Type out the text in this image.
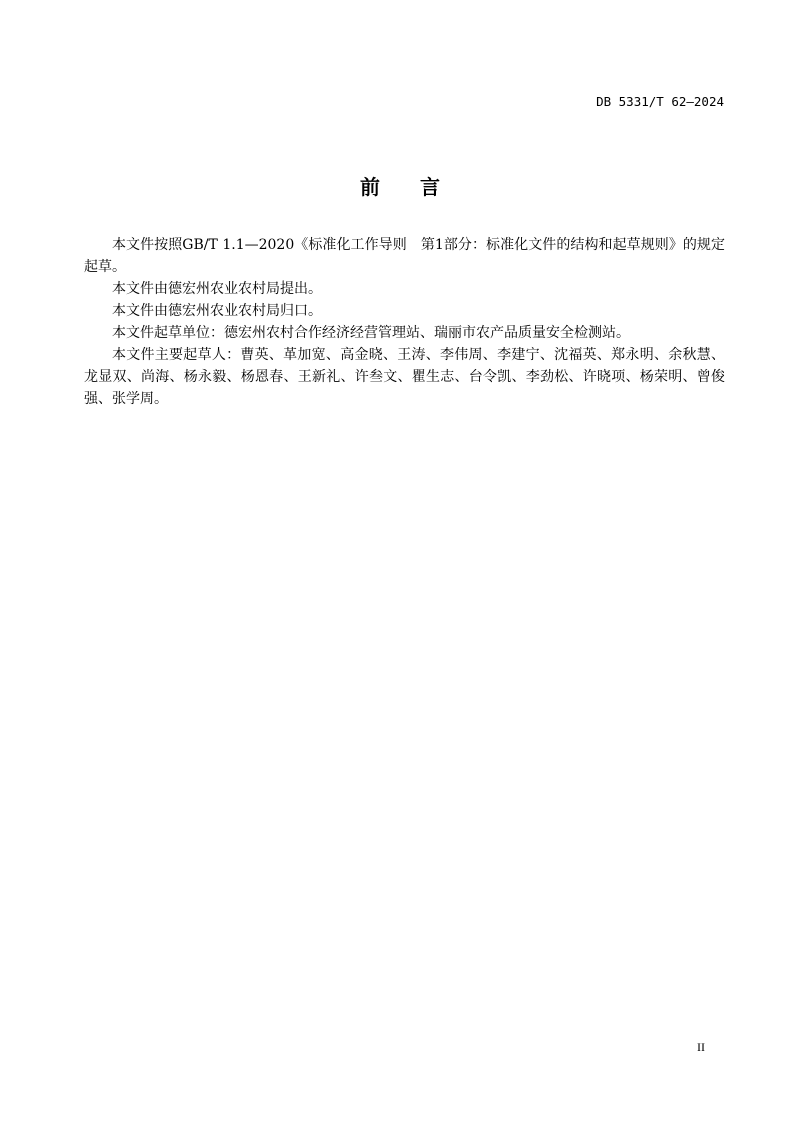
DB 5331/T 62—2024
前言

本文件按照GB/T 1.1—2020《标准化工作导则　第1部分：标准化文件的结构和起草规则》的规定起草。

本文件由德宏州农业农村局提出。

本文件由德宏州农业农村局归口。

本文件起草单位：德宏州农村合作经济经营管理站、瑞丽市农产品质量安全检测站。

本文件主要起草人：曹英、革加宽、高金晓、王涛、李伟周、李建宁、沈福英、郑永明、余秋慧、龙显双、尚海、杨永毅、杨恩春、王新礼、许叁文、瞿生志、台令凯、李劲松、许晓项、杨荣明、曾俊强、张学周。

II
